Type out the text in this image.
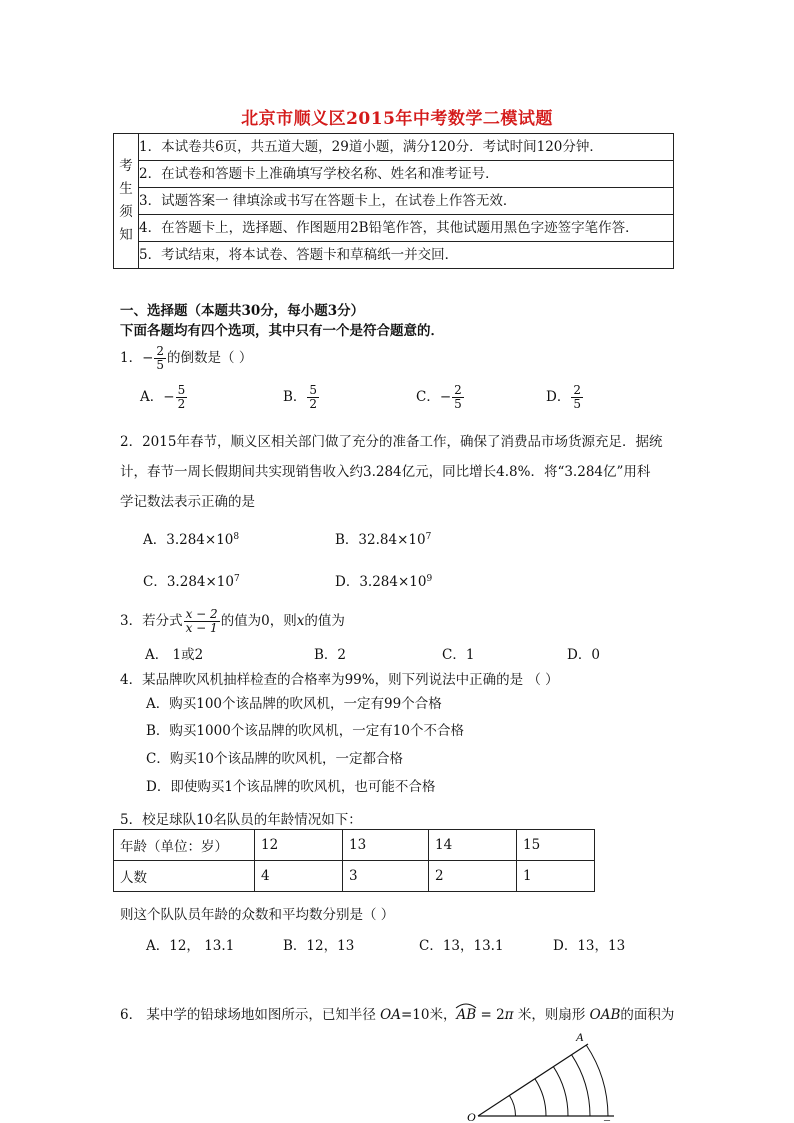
北京市顺义区2015年中考数学二模试题
考
生
须
知
	1．本试卷共6页，共五道大题，29道小题，满分120分．考试时间120分钟．
2．在试卷和答题卡上准确填写学校名称、姓名和准考证号．
3．试题答案一 律填涂或书写在答题卡上，在试卷上作答无效．
4．在答题卡上，选择题、作图题用2B铅笔作答，其他试题用黑色字迹签字笔作答．
5．考试结束，将本试卷、答题卡和草稿纸一并交回．
一、选择题（本题共30分，每小题3分）
下面各题均有四个选项，其中只有一个是符合题意的．
1．− $\frac{2}{5}$ 的倒数是（ ）
A．− $\frac{5}{2}$	B． $\frac{5}{2}$	C．− $\frac{2}{5}$	D． $\frac{2}{5}$
2．2015年春节，顺义区相关部门做了充分的准备工作，确保了消费品市场货源充足．据统
计，春节一周长假期间共实现销售收入约3.284亿元，同比增长4.8%．将“3.284亿”用科
学记数法表示正确的是
A．$3.284\times 10^8$	B．$32.84\times 10^7$
C．$3.284\times 10^7$	D．$3.284\times 10^9$
3．若分式 $\frac{x - 2}{x - 1}$ 的值为0，则x的值为
A． 1或2	B．2	C．1	D．0
4．某品牌吹风机抽样检查的合格率为99%，则下列说法中正确的是 （ ）
A．购买100个该品牌的吹风机，一定有99个合格
B．购买1000个该品牌的吹风机，一定有10个不合格
C．购买10个该品牌的吹风机，一定都合格
D．即使购买1个该品牌的吹风机，也可能不合格
5．校足球队10名队员的年龄情况如下：
年龄（单位：岁）	12	13	14	15
人数	4	3	2	1
则这个队队员年龄的众数和平均数分别是（ ）
A．12， 13.1	B．12，13	C．13，13.1	D．13，13
6． 某中学的铅球场地如图所示，已知半径 OA=10米，
AB = 2π 米，则扇形 OAB的面积为
O
A
–
